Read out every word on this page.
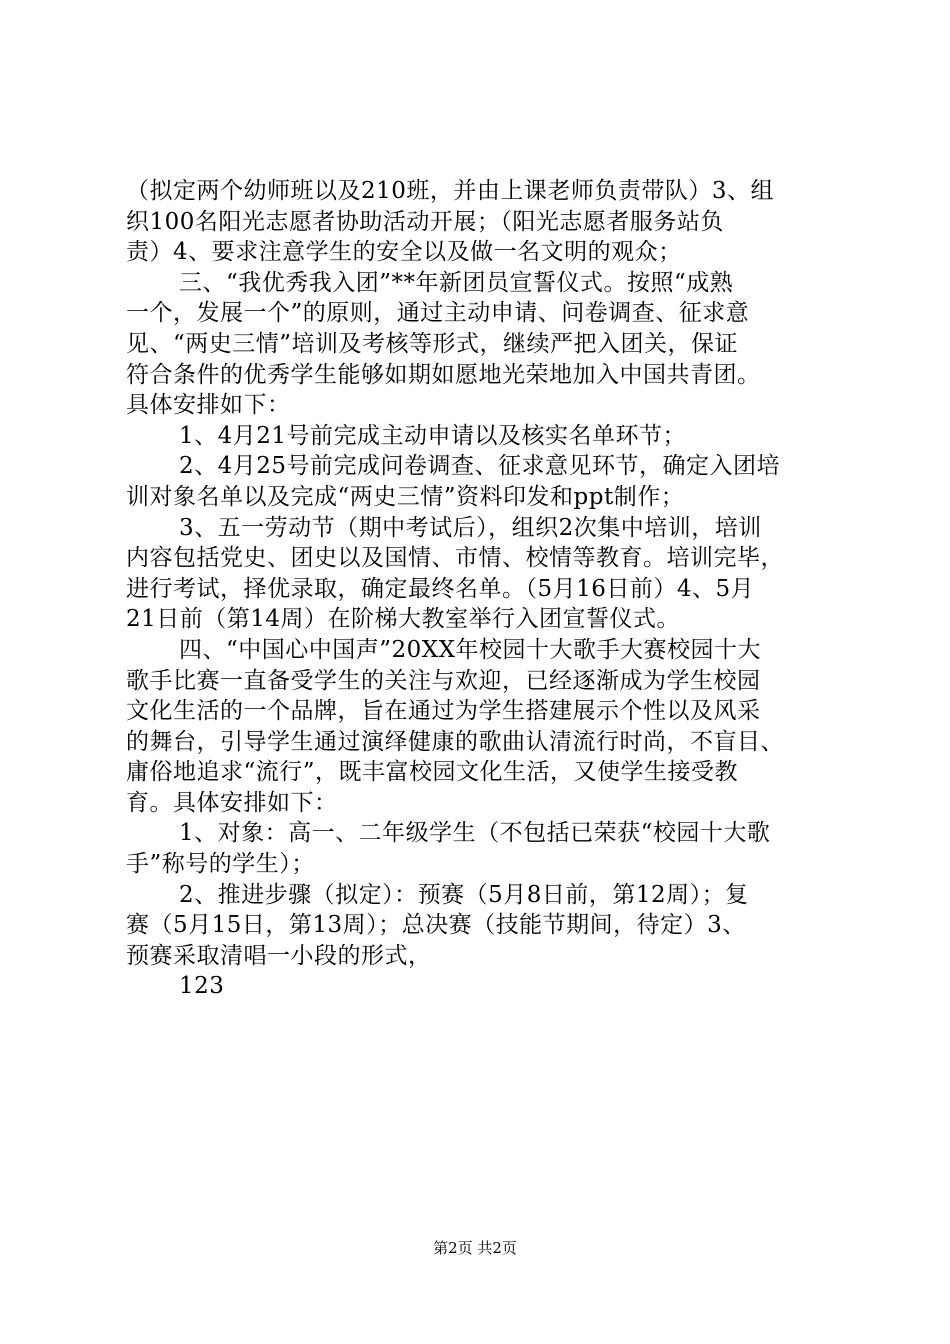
（拟定两个幼师班以及210班，并由上课老师负责带队）3、组
织100名阳光志愿者协助活动开展；（阳光志愿者服务站负
责）4、要求注意学生的安全以及做一名文明的观众；
三、“我优秀我入团”**年新团员宣誓仪式。按照“成熟
一个，发展一个”的原则，通过主动申请、问卷调查、征求意
见、“两史三情”培训及考核等形式，继续严把入团关，保证
符合条件的优秀学生能够如期如愿地光荣地加入中国共青团。
具体安排如下：
1、4月21号前完成主动申请以及核实名单环节；
2、4月25号前完成问卷调查、征求意见环节，确定入团培
训对象名单以及完成“两史三情”资料印发和ppt制作；
3、五一劳动节（期中考试后），组织2次集中培训，培训
内容包括党史、团史以及国情、市情、校情等教育。培训完毕，
进行考试，择优录取，确定最终名单。（5月16日前）4、5月
21日前（第14周）在阶梯大教室举行入团宣誓仪式。
四、“中国心中国声”20XX年校园十大歌手大赛校园十大
歌手比赛一直备受学生的关注与欢迎，已经逐渐成为学生校园
文化生活的一个品牌，旨在通过为学生搭建展示个性以及风采
的舞台，引导学生通过演绎健康的歌曲认清流行时尚，不盲目、
庸俗地追求“流行”，既丰富校园文化生活，又使学生接受教
育。具体安排如下：
1、对象：高一、二年级学生（不包括已荣获“校园十大歌
手”称号的学生）；
2、推进步骤（拟定）：预赛（5月8日前，第12周）；复
赛（5月15日，第13周）；总决赛（技能节期间，待定）3、
预赛采取清唱一小段的形式，
123
第2页 共2页
